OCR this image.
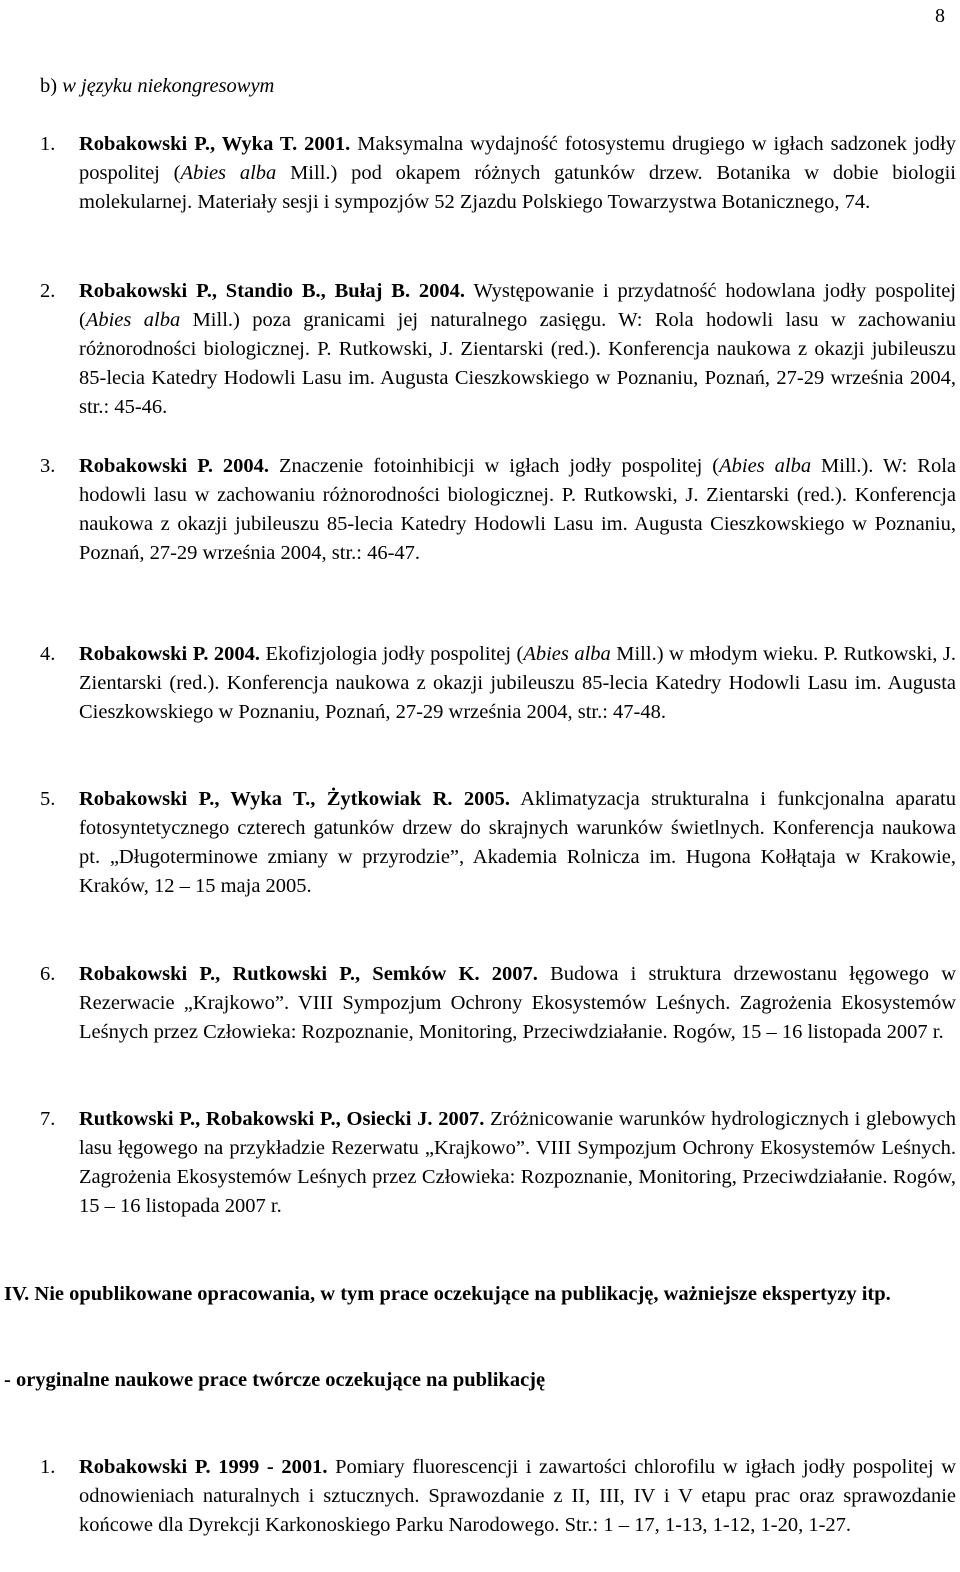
8
b) w języku niekongresowym
1. Robakowski P., Wyka T. 2001. Maksymalna wydajność fotosystemu drugiego w igłach sadzonek jodły pospolitej (Abies alba Mill.) pod okapem różnych gatunków drzew. Botanika w dobie biologii molekularnej. Materiały sesji i sympozjów 52 Zjazdu Polskiego Towarzystwa Botanicznego, 74.
2. Robakowski P., Standio B., Bułaj B. 2004. Występowanie i przydatność hodowlana jodły pospolitej (Abies alba Mill.) poza granicami jej naturalnego zasięgu. W: Rola hodowli lasu w zachowaniu różnorodności biologicznej. P. Rutkowski, J. Zientarski (red.). Konferencja naukowa z okazji jubileuszu 85-lecia Katedry Hodowli Lasu im. Augusta Cieszkowskiego w Poznaniu, Poznań, 27-29 września 2004, str.: 45-46.
3. Robakowski P. 2004. Znaczenie fotoinhibicji w igłach jodły pospolitej (Abies alba Mill.). W: Rola hodowli lasu w zachowaniu różnorodności biologicznej. P. Rutkowski, J. Zientarski (red.). Konferencja naukowa z okazji jubileuszu 85-lecia Katedry Hodowli Lasu im. Augusta Cieszkowskiego w Poznaniu, Poznań, 27-29 września 2004, str.: 46-47.
4. Robakowski P. 2004. Ekofizjologia jodły pospolitej (Abies alba Mill.) w młodym wieku. P. Rutkowski, J. Zientarski (red.). Konferencja naukowa z okazji jubileuszu 85-lecia Katedry Hodowli Lasu im. Augusta Cieszkowskiego w Poznaniu, Poznań, 27-29 września 2004, str.: 47-48.
5. Robakowski P., Wyka T., Żytkowiak R. 2005. Aklimatyzacja strukturalna i funkcjonalna aparatu fotosyntetycznego czterech gatunków drzew do skrajnych warunków świetlnych. Konferencja naukowa pt. „Długoterminowe zmiany w przyrodzie”, Akademia Rolnicza im. Hugona Kołłątaja w Krakowie, Kraków, 12 – 15 maja 2005.
6. Robakowski P., Rutkowski P., Semków K. 2007. Budowa i struktura drzewostanu łęgowego w Rezerwacie „Krajkowo”. VIII Sympozjum Ochrony Ekosystemów Leśnych. Zagrożenia Ekosystemów Leśnych przez Człowieka: Rozpoznanie, Monitoring, Przeciwdziałanie. Rogów, 15 – 16 listopada 2007 r.
7. Rutkowski P., Robakowski P., Osiecki J. 2007. Zróżnicowanie warunków hydrologicznych i glebowych lasu łęgowego na przykładzie Rezerwatu „Krajkowo”. VIII Sympozjum Ochrony Ekosystemów Leśnych. Zagrożenia Ekosystemów Leśnych przez Człowieka: Rozpoznanie, Monitoring, Przeciwdziałanie. Rogów, 15 – 16 listopada 2007 r.
IV. Nie opublikowane opracowania, w tym prace oczekujące na publikację, ważniejsze ekspertyzy itp.
- oryginalne naukowe prace twórcze oczekujące na publikację
1. Robakowski P. 1999 - 2001. Pomiary fluorescencji i zawartości chlorofilu w igłach jodły pospolitej w odnowieniach naturalnych i sztucznych. Sprawozdanie z II, III, IV i V etapu prac oraz sprawozdanie końcowe dla Dyrekcji Karkonoskiego Parku Narodowego. Str.: 1 – 17, 1-13, 1-12, 1-20, 1-27.
